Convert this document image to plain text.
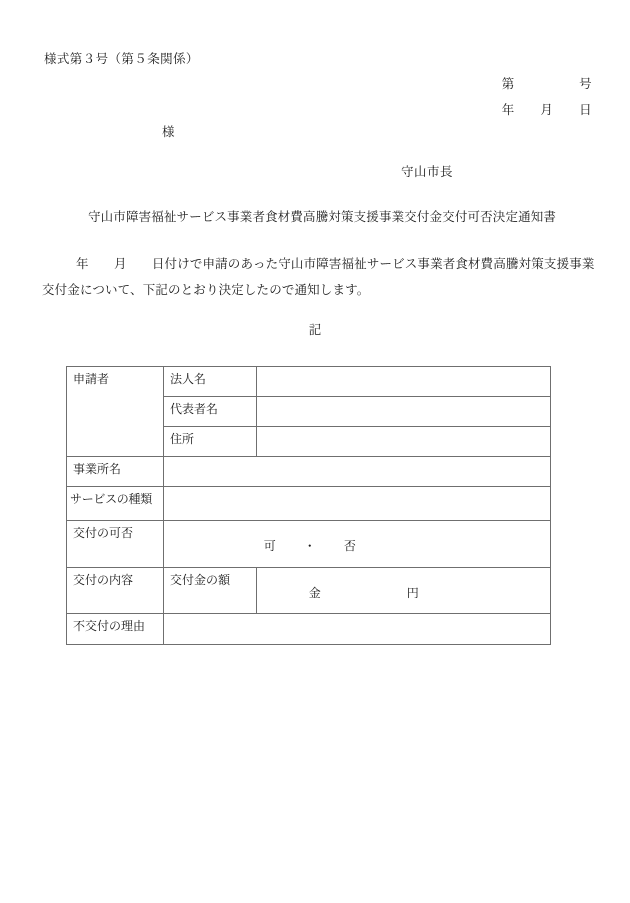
様式第３号（第５条関係）
第　　　　　号
年　　月　　日
様
守山市長
守山市障害福祉サービス事業者食材費高騰対策支援事業交付金交付可否決定通知書
年　　月　　日付けで申請のあった守山市障害福祉サービス事業者食材費高騰対策支援事業
交付金について、下記のとおり決定したので通知します。
記
申請者	法人名	

	代表者名	

	住所	

事業所名		

サービスの種類		

交付の可否	可 ・ 否	

交付の内容	交付金の額	金 円

不交付の理由		
